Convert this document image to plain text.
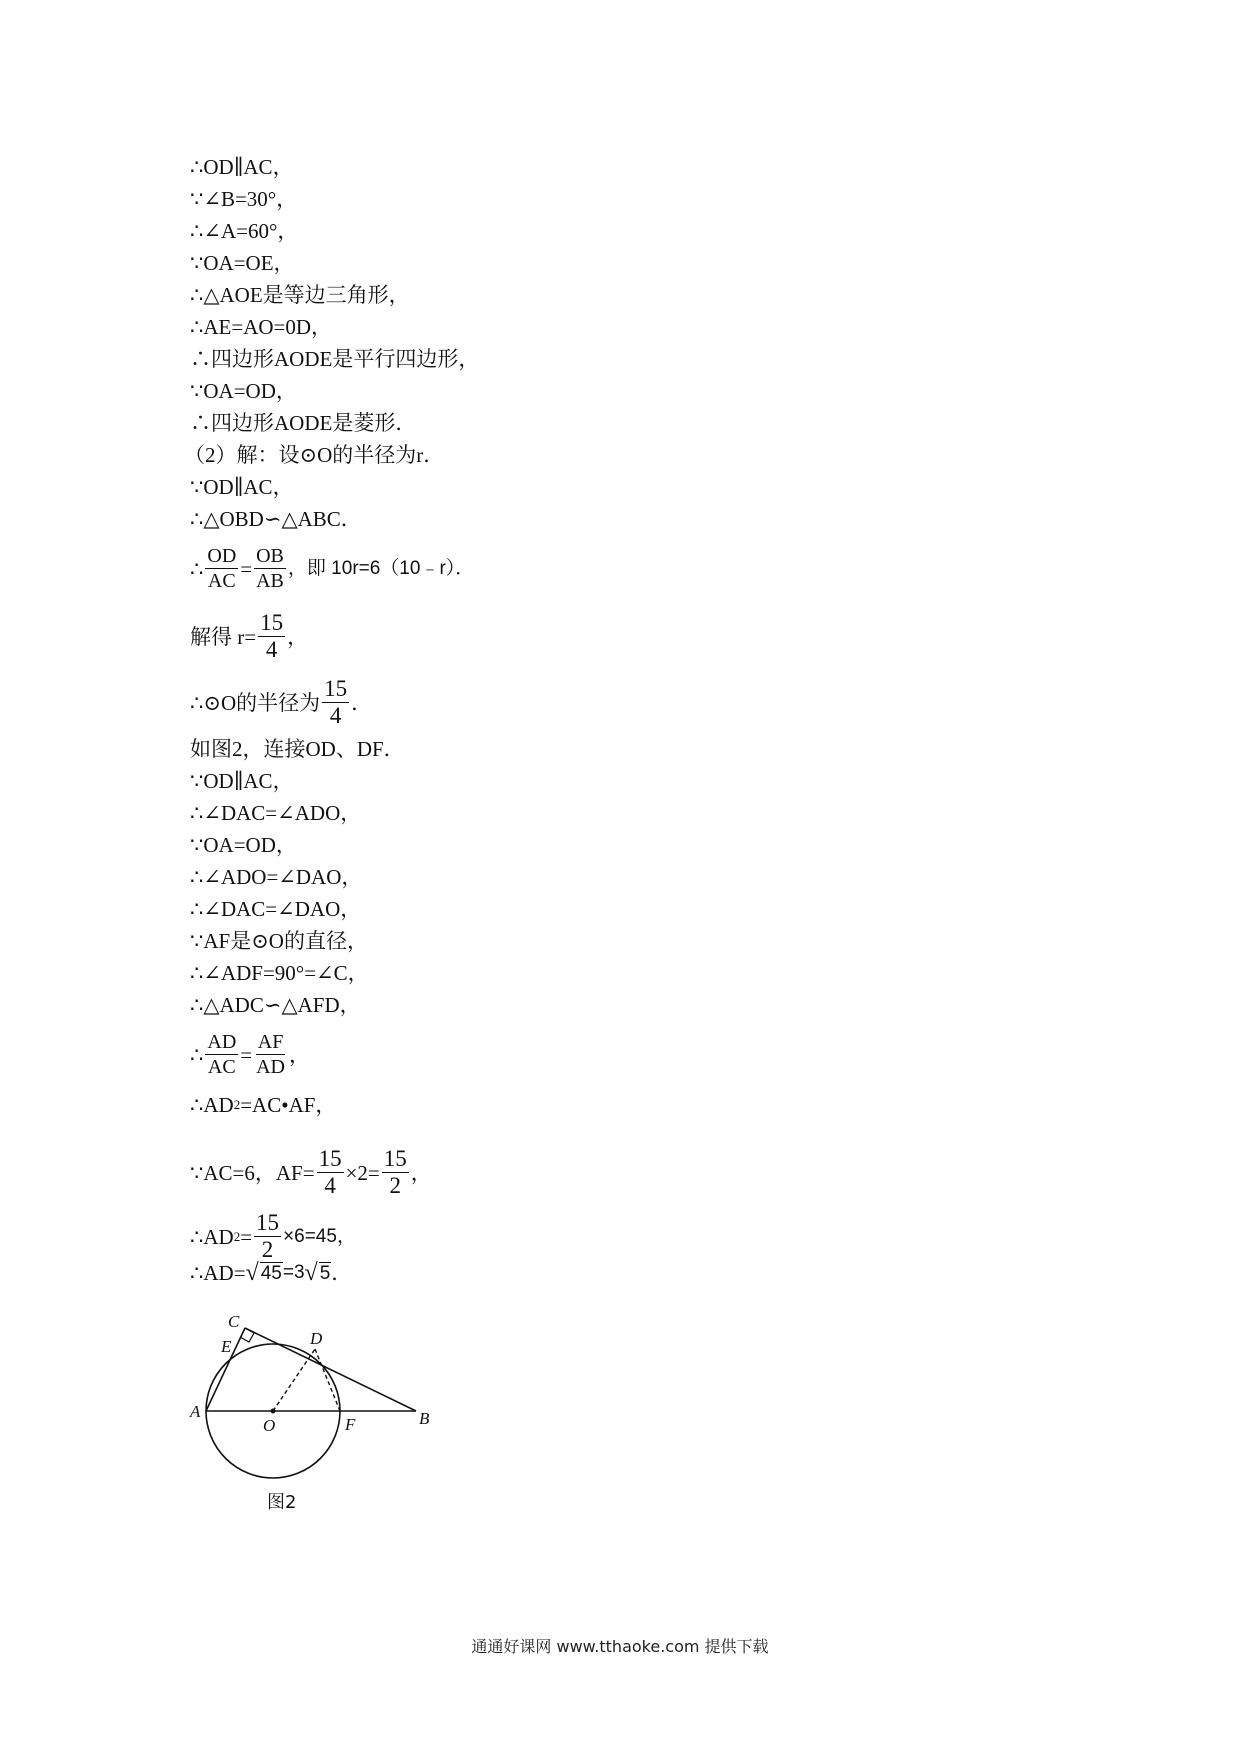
∴OD∥AC，
∵∠B=30°，
∴∠A=60°，
∵OA=OE，
∴△AOE是等边三角形，
∴AE=AO=0D，
∴四边形AODE是平行四边形，
∵OA=OD，
∴四边形AODE是菱形．
（2）解：设⊙O的半径为r．
∵OD∥AC，
∴△OBD∽△ABC．
∴ $\frac{OD}{AC} = \frac{OB}{AB}$ ，即 10r=6（10﹣r）．
解得 $r= \frac{15}{4}$ ，
∴⊙O的半径为 $\frac{15}{4}$ ．
如图2，连接OD、DF．
∵OD∥AC，
∴∠DAC=∠ADO，
∵OA=OD，
∴∠ADO=∠DAO，
∴∠DAC=∠DAO，
∵AF是⊙O的直径，
∴∠ADF=90°=∠C，
∴△ADC∽△AFD，
∴ $\frac{AD}{AC} = \frac{AF}{AD}$ ，
∴AD 2 =AC•AF，
∵AC=6，$AF= \frac{15}{4} \times 2= \frac{15}{2}$ ，
∴AD $2 = \frac{15}{2} \times 6=45$，
∴AD= √ 45 =3 √ 5 ．
C
E	D
A
O	F	B
图2
通通好课网 www.tthaoke.com 提供下载
